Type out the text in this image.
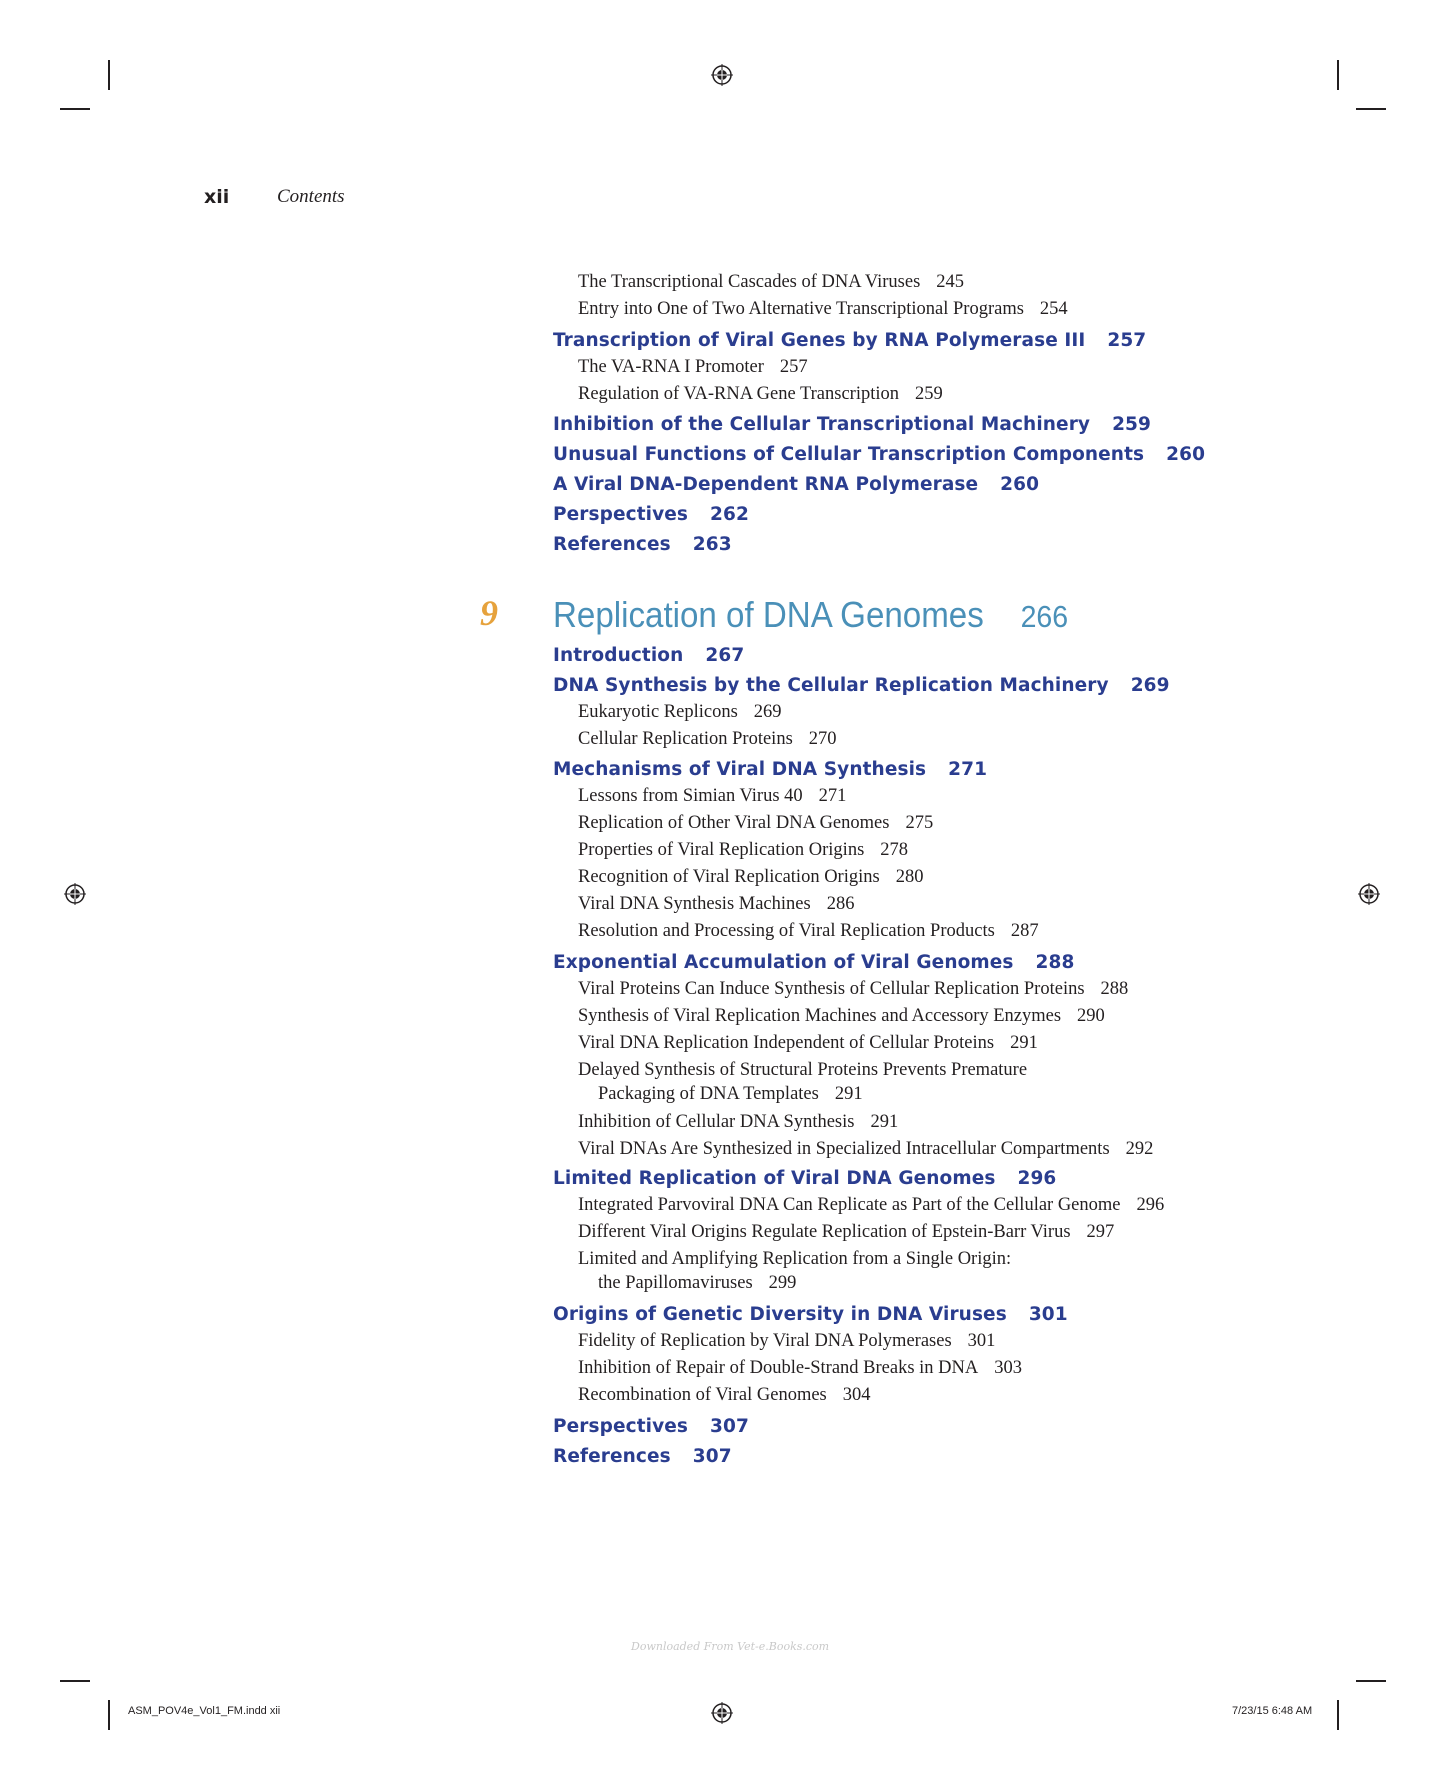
xii	Contents
The Transcriptional Cascades of DNA Viruses 245
Entry into One of Two Alternative Transcriptional Programs 254
Transcription of Viral Genes by RNA Polymerase III 257
The VA-RNA I Promoter 257
Regulation of VA-RNA Gene Transcription 259
Inhibition of the Cellular Transcriptional Machinery 259
Unusual Functions of Cellular Transcription Components 260
A Viral DNA-Dependent RNA Polymerase 260
Perspectives 262
References 263
9 Replication of DNA Genomes 266
Introduction 267
DNA Synthesis by the Cellular Replication Machinery 269
Eukaryotic Replicons 269
Cellular Replication Proteins 270
Mechanisms of Viral DNA Synthesis 271
Lessons from Simian Virus 40 271
Replication of Other Viral DNA Genomes 275
Properties of Viral Replication Origins 278
Recognition of Viral Replication Origins 280
Viral DNA Synthesis Machines 286
Resolution and Processing of Viral Replication Products 287
Exponential Accumulation of Viral Genomes 288
Viral Proteins Can Induce Synthesis of Cellular Replication Proteins 288
Synthesis of Viral Replication Machines and Accessory Enzymes 290
Viral DNA Replication Independent of Cellular Proteins 291
Delayed Synthesis of Structural Proteins Prevents Premature
Packaging of DNA Templates 291
Inhibition of Cellular DNA Synthesis 291
Viral DNAs Are Synthesized in Specialized Intracellular Compartments 292
Limited Replication of Viral DNA Genomes 296
Integrated Parvoviral DNA Can Replicate as Part of the Cellular Genome 296
Different Viral Origins Regulate Replication of Epstein-Barr Virus 297
Limited and Amplifying Replication from a Single Origin:
the Papillomaviruses 299
Origins of Genetic Diversity in DNA Viruses 301
Fidelity of Replication by Viral DNA Polymerases 301
Inhibition of Repair of Double-Strand Breaks in DNA 303
Recombination of Viral Genomes 304
Perspectives 307
References 307
Downloaded From Vet-e.Books.com
ASM_POV4e_Vol1_FM.indd xii	7/23/15 6:48 AM
